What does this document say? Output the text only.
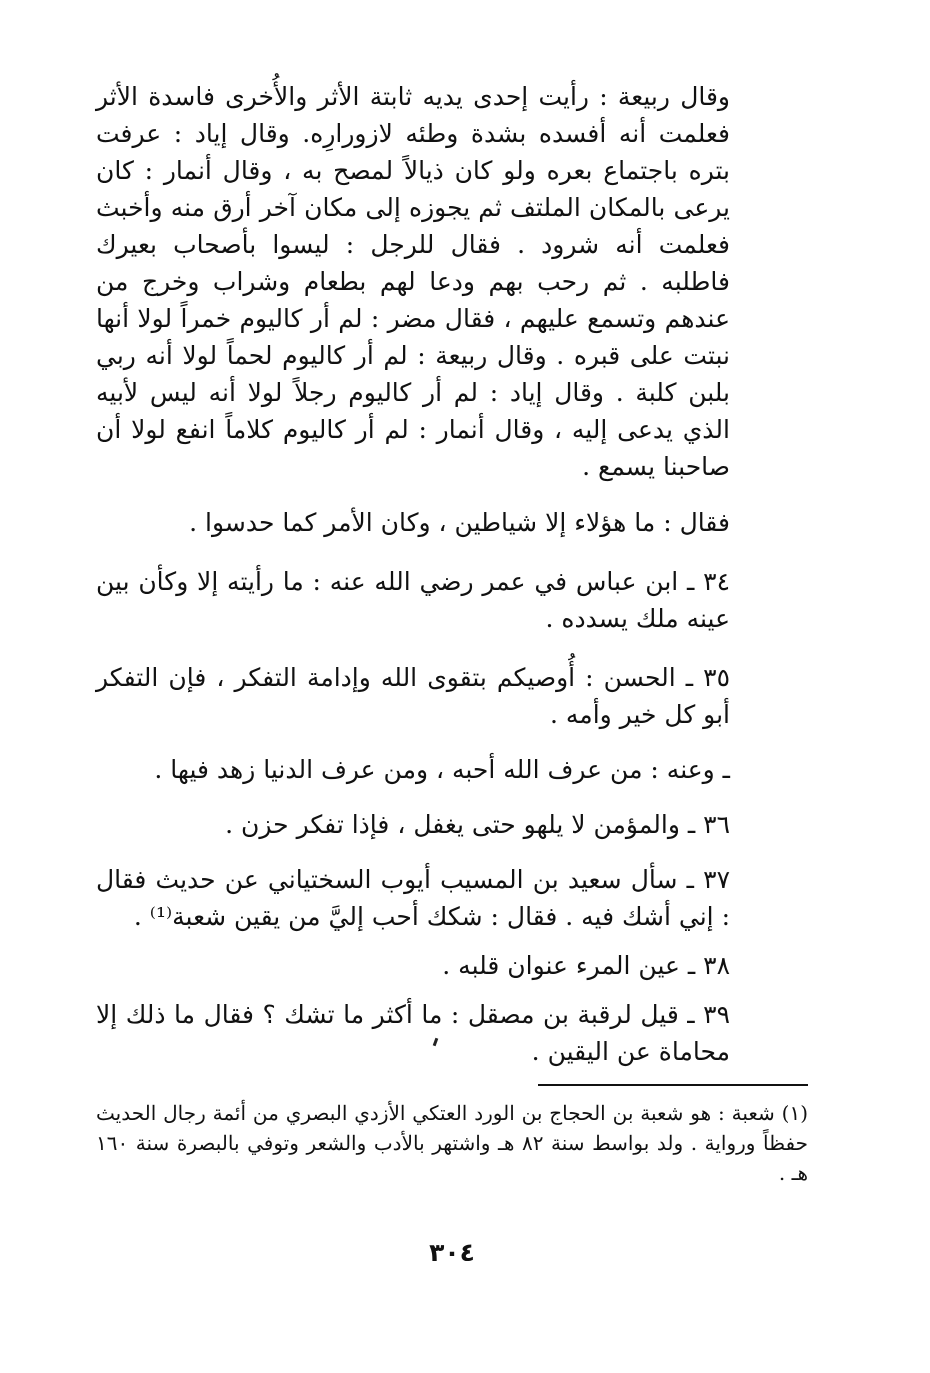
وقال ربيعة : رأيت إحدى يديه ثابتة الأثر والأُخرى فاسدة الأثر فعلمت أنه أفسده بشدة وطئه لازورارِه. وقال إياد : عرفت بتره باجتماع بعره ولو كان ذيالاً لمصح به ، وقال أنمار : كان يرعى بالمكان الملتف ثم يجوزه إلى مكان آخر أرق منه وأخبث فعلمت أنه شرود . فقال للرجل : ليسوا بأصحاب بعيرك فاطلبه . ثم رحب بهم ودعا لهم بطعام وشراب وخرج من عندهم وتسمع عليهم ، فقال مضر : لم أر كاليوم خمراً لولا أنها نبتت على قبره . وقال ربيعة : لم أر كاليوم لحماً لولا أنه ربي بلبن كلبة . وقال إياد : لم أر كاليوم رجلاً لولا أنه ليس لأبيه الذي يدعى إليه ، وقال أنمار : لم أر كاليوم كلاماً انفع لولا أن صاحبنا يسمع .

فقال : ما هؤلاء إلا شياطين ، وكان الأمر كما حدسوا .

٣٤ ـ ابن عباس في عمر رضي الله عنه : ما رأيته إلا وكأن بين عينه ملك يسدده .

٣٥ ـ الحسن : أُوصيكم بتقوى الله وإدامة التفكر ، فإن التفكر أبو كل خير وأمه .

ـ وعنه : من عرف الله أحبه ، ومن عرف الدنيا زهد فيها .

٣٦ ـ والمؤمن لا يلهو حتى يغفل ، فإذا تفكر حزن .

٣٧ ـ سأل سعيد بن المسيب أيوب السختياني عن حديث فقال : إني أشك فيه . فقال : شكك أحب إليَّ من يقين شعبة⁽¹⁾ .

٣٨ ـ عين المرء عنوان قلبه .

٣٩ ـ قيل لرقبة بن مصقل : ما أكثر ما تشك ؟ فقال ما ذلك إلا محاماة عن اليقين .

(١) شعبة : هو شعبة بن الحجاج بن الورد العتكي الأزدي البصري من أئمة رجال الحديث حفظاً ورواية . ولد بواسط سنة ٨٢ هـ واشتهر بالأدب والشعر وتوفي بالبصرة سنة ١٦٠ هـ .

٣٠٤
